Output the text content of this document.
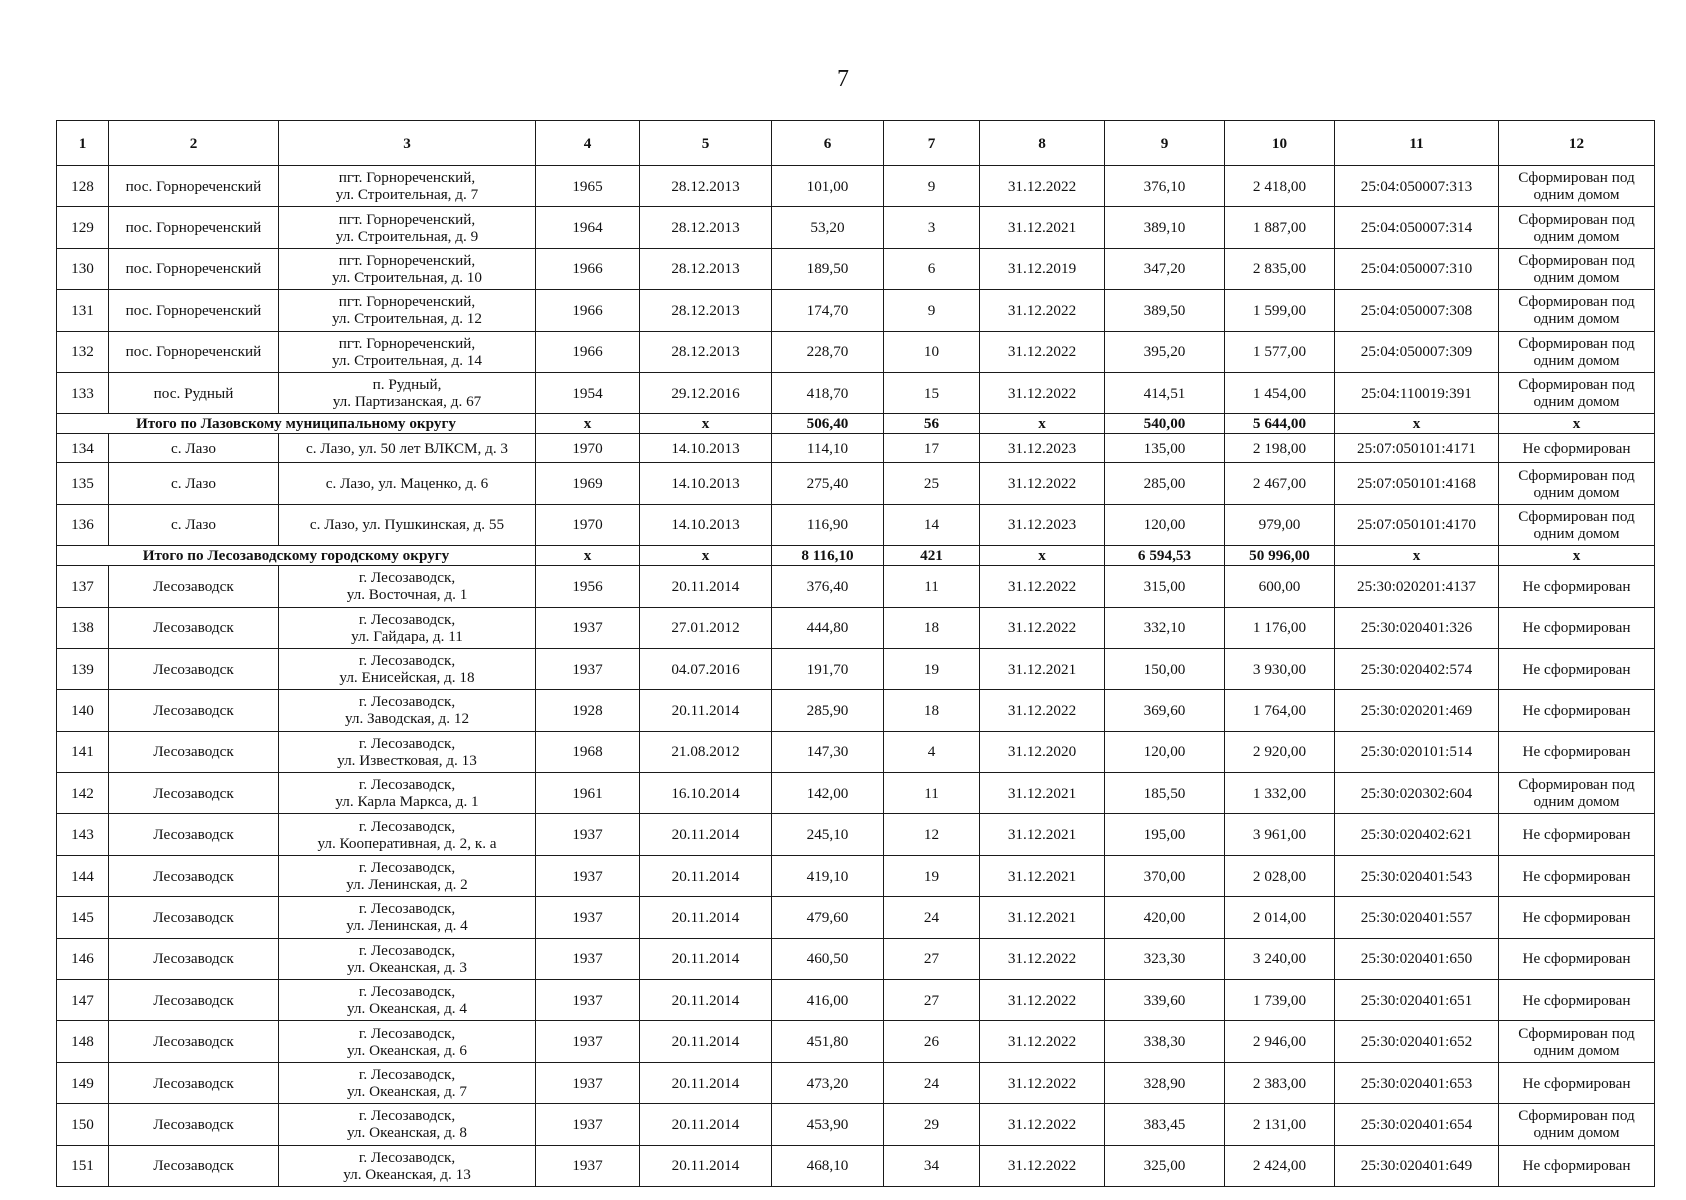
7
1	2	3	4	5	6	7	8	9	10	11	12
128	пос. Горнореченский	пгт. Горнореченский,
ул. Строительная, д. 7	1965	28.12.2013	101,00	9	31.12.2022	376,10	2 418,00	25:04:050007:313	Сформирован под
одним домом

129	пос. Горнореченский	пгт. Горнореченский,
ул. Строительная, д. 9	1964	28.12.2013	53,20	3	31.12.2021	389,10	1 887,00	25:04:050007:314	Сформирован под
одним домом

130	пос. Горнореченский	пгт. Горнореченский,
ул. Строительная, д. 10	1966	28.12.2013	189,50	6	31.12.2019	347,20	2 835,00	25:04:050007:310	Сформирован под
одним домом

131	пос. Горнореченский	пгт. Горнореченский,
ул. Строительная, д. 12	1966	28.12.2013	174,70	9	31.12.2022	389,50	1 599,00	25:04:050007:308	Сформирован под
одним домом

132	пос. Горнореченский	пгт. Горнореченский,
ул. Строительная, д. 14	1966	28.12.2013	228,70	10	31.12.2022	395,20	1 577,00	25:04:050007:309	Сформирован под
одним домом

133	пос. Рудный	п. Рудный,
ул. Партизанская, д. 67	1954	29.12.2016	418,70	15	31.12.2022	414,51	1 454,00	25:04:110019:391	Сформирован под
одним домом

Итого по Лазовскому муниципальному округу			х	х	506,40	56	х	540,00	5 644,00	х	х
134	с. Лазо	с. Лазо, ул. 50 лет ВЛКСМ, д. 3	1970	14.10.2013	114,10	17	31.12.2023	135,00	2 198,00	25:07:050101:4171	Не сформирован

135	с. Лазо	с. Лазо, ул. Маценко, д. 6	1969	14.10.2013	275,40	25	31.12.2022	285,00	2 467,00	25:07:050101:4168	Сформирован под
одним домом

136	с. Лазо	с. Лазо, ул. Пушкинская, д. 55	1970	14.10.2013	116,90	14	31.12.2023	120,00	979,00	25:07:050101:4170	Сформирован под
одним домом

Итого по Лесозаводскому городскому округу			х	х	8 116,10	421	х	6 594,53	50 996,00	х	х
137	Лесозаводск	г. Лесозаводск,
ул. Восточная, д. 1	1956	20.11.2014	376,40	11	31.12.2022	315,00	600,00	25:30:020201:4137	Не сформирован

138	Лесозаводск	г. Лесозаводск,
ул. Гайдара, д. 11	1937	27.01.2012	444,80	18	31.12.2022	332,10	1 176,00	25:30:020401:326	Не сформирован

139	Лесозаводск	г. Лесозаводск,
ул. Енисейская, д. 18	1937	04.07.2016	191,70	19	31.12.2021	150,00	3 930,00	25:30:020402:574	Не сформирован

140	Лесозаводск	г. Лесозаводск,
ул. Заводская, д. 12	1928	20.11.2014	285,90	18	31.12.2022	369,60	1 764,00	25:30:020201:469	Не сформирован

141	Лесозаводск	г. Лесозаводск,
ул. Известковая, д. 13	1968	21.08.2012	147,30	4	31.12.2020	120,00	2 920,00	25:30:020101:514	Не сформирован

142	Лесозаводск	г. Лесозаводск,
ул. Карла Маркса, д. 1	1961	16.10.2014	142,00	11	31.12.2021	185,50	1 332,00	25:30:020302:604	Сформирован под
одним домом

143	Лесозаводск	г. Лесозаводск,
ул. Кооперативная, д. 2, к. а	1937	20.11.2014	245,10	12	31.12.2021	195,00	3 961,00	25:30:020402:621	Не сформирован

144	Лесозаводск	г. Лесозаводск,
ул. Ленинская, д. 2	1937	20.11.2014	419,10	19	31.12.2021	370,00	2 028,00	25:30:020401:543	Не сформирован

145	Лесозаводск	г. Лесозаводск,
ул. Ленинская, д. 4	1937	20.11.2014	479,60	24	31.12.2021	420,00	2 014,00	25:30:020401:557	Не сформирован

146	Лесозаводск	г. Лесозаводск,
ул. Океанская, д. 3	1937	20.11.2014	460,50	27	31.12.2022	323,30	3 240,00	25:30:020401:650	Не сформирован

147	Лесозаводск	г. Лесозаводск,
ул. Океанская, д. 4	1937	20.11.2014	416,00	27	31.12.2022	339,60	1 739,00	25:30:020401:651	Не сформирован

148	Лесозаводск	г. Лесозаводск,
ул. Океанская, д. 6	1937	20.11.2014	451,80	26	31.12.2022	338,30	2 946,00	25:30:020401:652	Сформирован под
одним домом

149	Лесозаводск	г. Лесозаводск,
ул. Океанская, д. 7	1937	20.11.2014	473,20	24	31.12.2022	328,90	2 383,00	25:30:020401:653	Не сформирован

150	Лесозаводск	г. Лесозаводск,
ул. Океанская, д. 8	1937	20.11.2014	453,90	29	31.12.2022	383,45	2 131,00	25:30:020401:654	Сформирован под
одним домом

151	Лесозаводск	г. Лесозаводск,
ул. Океанская, д. 13	1937	20.11.2014	468,10	34	31.12.2022	325,00	2 424,00	25:30:020401:649	Не сформирован
